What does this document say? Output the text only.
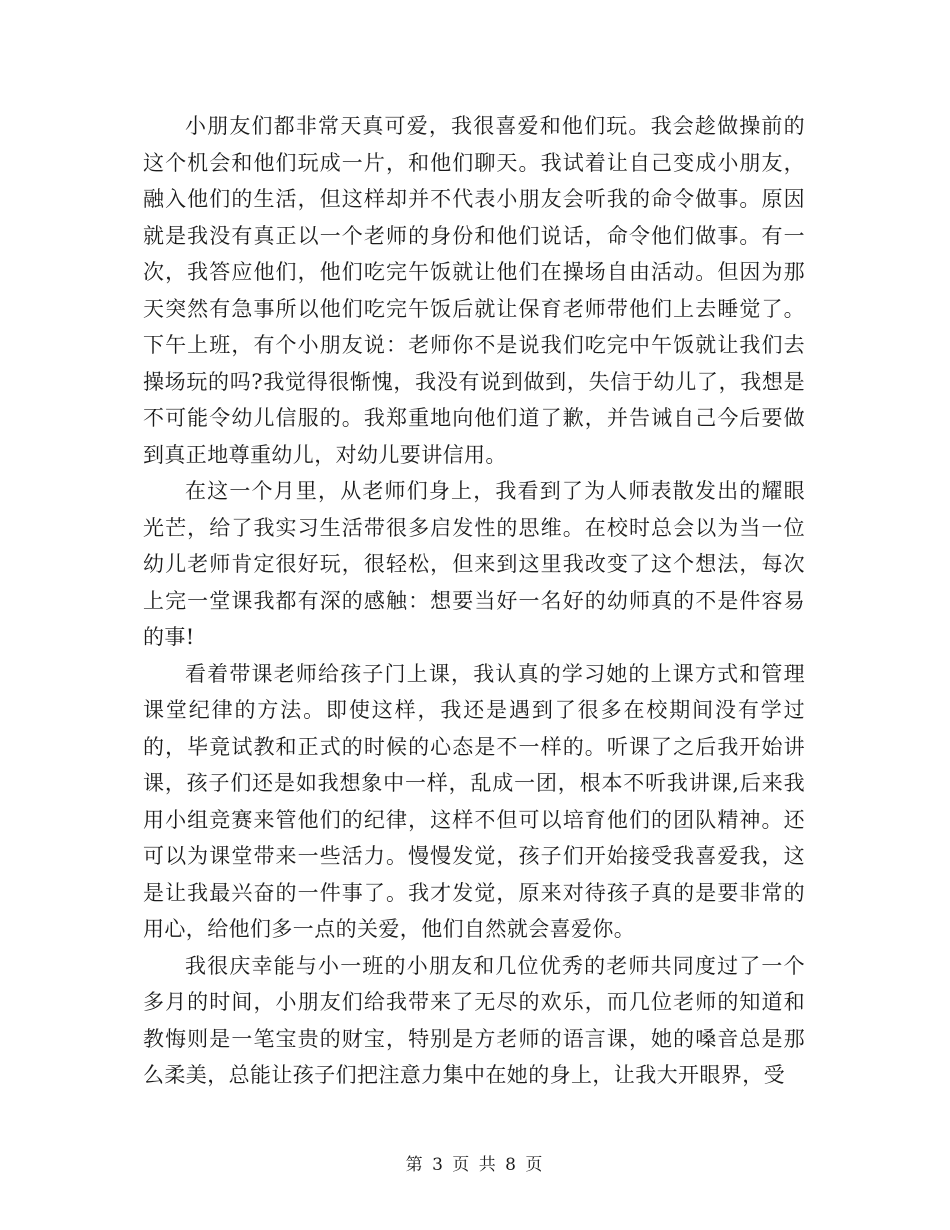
小朋友们都非常天真可爱，我很喜爱和他们玩。我会趁做操前的这个机会和他们玩成一片，和他们聊天。我试着让自己变成小朋友，融入他们的生活，但这样却并不代表小朋友会听我的命令做事。原因就是我没有真正以一个老师的身份和他们说话，命令他们做事。有一次，我答应他们，他们吃完午饭就让他们在操场自由活动。但因为那天突然有急事所以他们吃完午饭后就让保育老师带他们上去睡觉了。下午上班，有个小朋友说：老师你不是说我们吃完中午饭就让我们去操场玩的吗?我觉得很惭愧，我没有说到做到，失信于幼儿了，我想是不可能令幼儿信服的。我郑重地向他们道了歉，并告诫自己今后要做到真正地尊重幼儿，对幼儿要讲信用。

在这一个月里，从老师们身上，我看到了为人师表散发出的耀眼光芒，给了我实习生活带很多启发性的思维。在校时总会以为当一位幼儿老师肯定很好玩，很轻松，但来到这里我改变了这个想法，每次上完一堂课我都有深的感触：想要当好一名好的幼师真的不是件容易的事!

看着带课老师给孩子门上课，我认真的学习她的上课方式和管理课堂纪律的方法。即使这样，我还是遇到了很多在校期间没有学过的，毕竟试教和正式的时候的心态是不一样的。听课了之后我开始讲课，孩子们还是如我想象中一样，乱成一团，根本不听我讲课,后来我用小组竞赛来管他们的纪律，这样不但可以培育他们的团队精神。还可以为课堂带来一些活力。慢慢发觉，孩子们开始接受我喜爱我，这是让我最兴奋的一件事了。我才发觉，原来对待孩子真的是要非常的用心，给他们多一点的关爱，他们自然就会喜爱你。

我很庆幸能与小一班的小朋友和几位优秀的老师共同度过了一个多月的时间，小朋友们给我带来了无尽的欢乐，而几位老师的知道和教悔则是一笔宝贵的财宝，特别是方老师的语言课，她的嗓音总是那么柔美，总能让孩子们把注意力集中在她的身上，让我大开眼界，受

第 3 页 共 8 页
